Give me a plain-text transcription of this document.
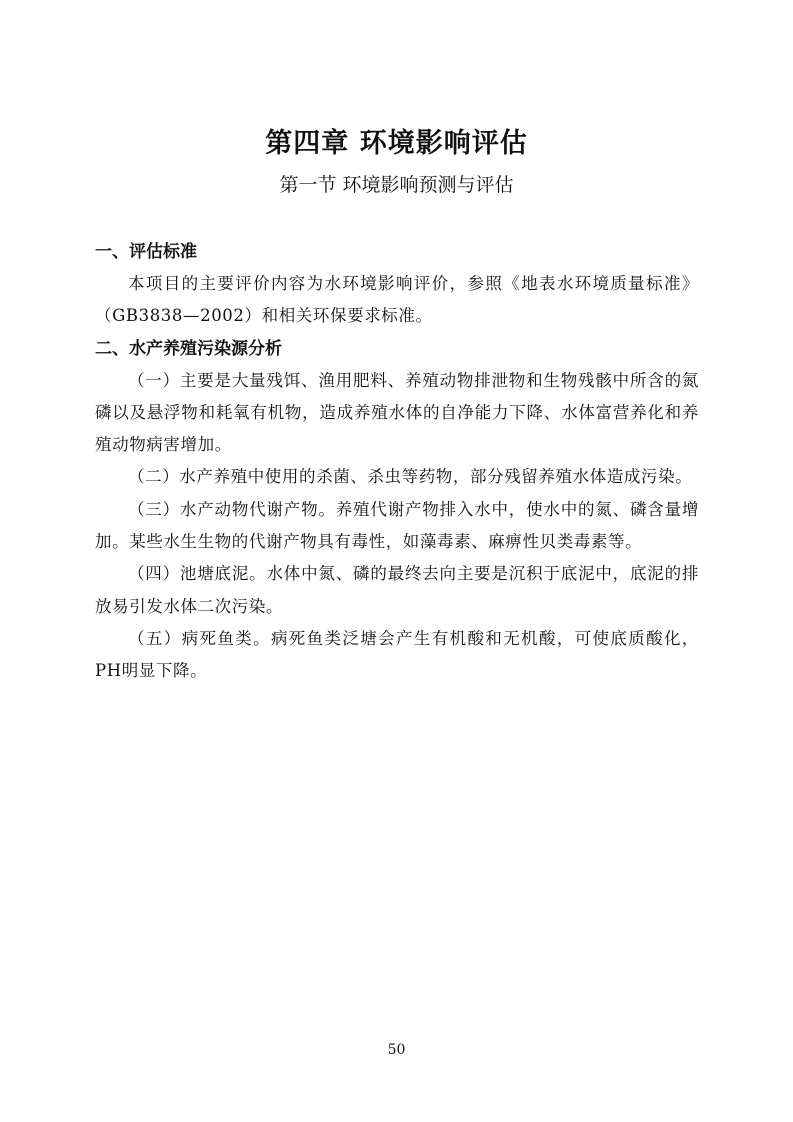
第四章 环境影响评估
第一节 环境影响预测与评估
一、评估标准

本项目的主要评价内容为水环境影响评价，参照《地表水环境质量标准》（GB3838—2002）和相关环保要求标准。

二、水产养殖污染源分析

（一）主要是大量残饵、渔用肥料、养殖动物排泄物和生物残骸中所含的氮磷以及悬浮物和耗氧有机物，造成养殖水体的自净能力下降、水体富营养化和养殖动物病害增加。

（二）水产养殖中使用的杀菌、杀虫等药物，部分残留养殖水体造成污染。

（三）水产动物代谢产物。养殖代谢产物排入水中，使水中的氮、磷含量增加。某些水生生物的代谢产物具有毒性，如藻毒素、麻痹性贝类毒素等。

（四）池塘底泥。水体中氮、磷的最终去向主要是沉积于底泥中，底泥的排放易引发水体二次污染。

（五）病死鱼类。病死鱼类泛塘会产生有机酸和无机酸，可使底质酸化，PH明显下降。

50
